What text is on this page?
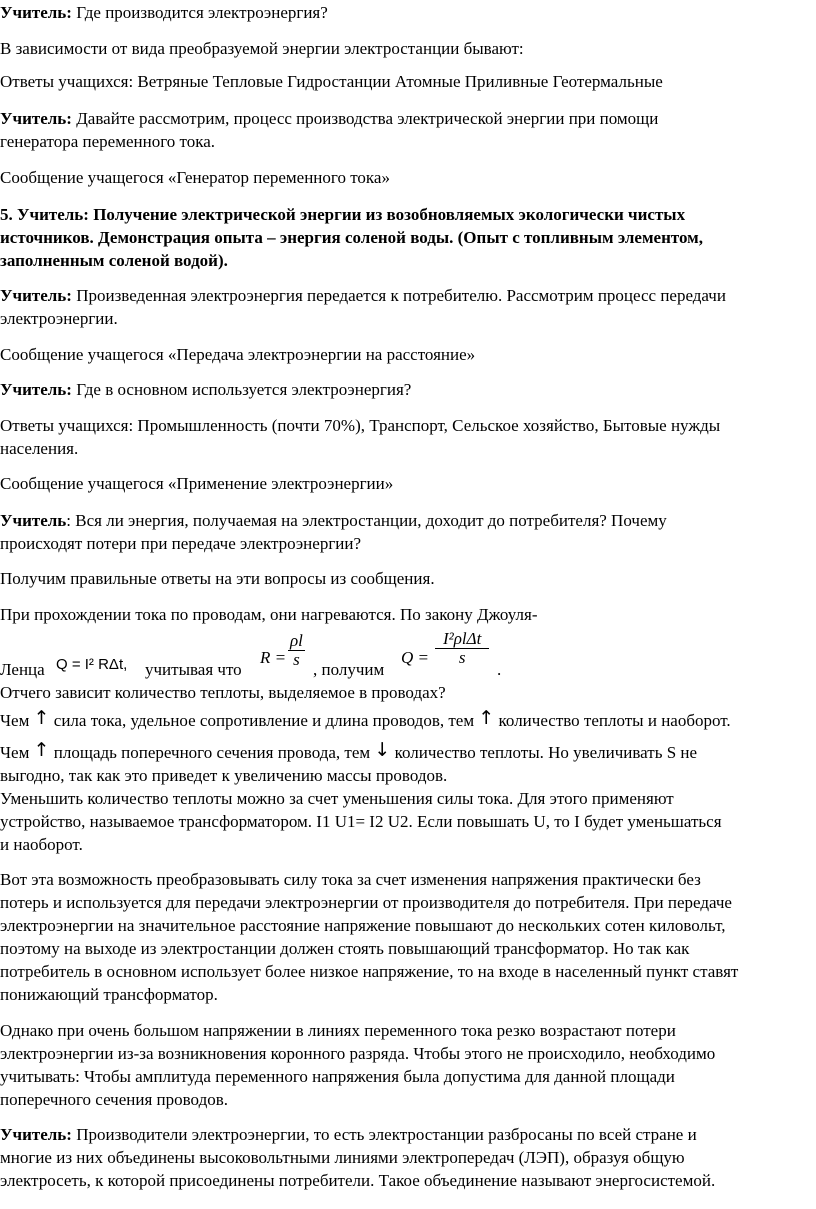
Учитель: Где производится электроэнергия?

В зависимости от вида преобразуемой энергии электростанции бывают:

Ответы учащихся: Ветряные Тепловые Гидростанции Атомные Приливные Геотермальные

Учитель: Давайте рассмотрим, процесс производства электрической энергии при помощи
генератора переменного тока.

Сообщение учащегося «Генератор переменного тока»

5. Учитель: Получение электрической энергии из возобновляемых экологически чистых
источников. Демонстрация опыта – энергия соленой воды. (Опыт с топливным элементом,
заполненным соленой водой).

Учитель: Произведенная электроэнергия передается к потребителю. Рассмотрим процесс передачи
электроэнергии.

Сообщение учащегося «Передача электроэнергии на расстояние»

Учитель: Где в основном используется электроэнергия?

Ответы учащихся: Промышленность (почти 70%), Транспорт, Сельское хозяйство, Бытовые нужды
населения.

Сообщение учащегося «Применение электроэнергии»

Учитель: Вся ли энергия, получаемая на электростанции, доходит до потребителя? Почему
происходят потери при передаче электроэнергии?

Получим правильные ответы на эти вопросы из сообщения.

При прохождении тока по проводам, они нагреваются. По закону Джоуля-

Ленца Q = I² RΔt, учитывая что
$R = \frac{\rho l}{s}$
, получим
Q =
I²ρlΔt
s
.

Отчего зависит количество теплоты, выделяемое в проводах?

Чем ↑ сила тока, удельное сопротивление и длина проводов, тем ↑ количество теплоты и наоборот.

Чем ↑ площадь поперечного сечения провода, тем ↓ количество теплоты. Но увеличивать S не
выгодно, так как это приведет к увеличению массы проводов.

Уменьшить количество теплоты можно за счет уменьшения силы тока. Для этого применяют
устройство, называемое трансформатором. I1 U1= I2 U2. Если повышать U, то I будет уменьшаться
и наоборот.

Вот эта возможность преобразовывать силу тока за счет изменения напряжения практически без
потерь и используется для передачи электроэнергии от производителя до потребителя. При передаче
электроэнергии на значительное расстояние напряжение повышают до нескольких сотен киловольт,
поэтому на выходе из электростанции должен стоять повышающий трансформатор. Но так как
потребитель в основном использует более низкое напряжение, то на входе в населенный пункт ставят
понижающий трансформатор.

Однако при очень большом напряжении в линиях переменного тока резко возрастают потери
электроэнергии из-за возникновения коронного разряда. Чтобы этого не происходило, необходимо
учитывать: Чтобы амплитуда переменного напряжения была допустима для данной площади
поперечного сечения проводов.

Учитель: Производители электроэнергии, то есть электростанции разбросаны по всей стране и
многие из них объединены высоковольтными линиями электропередач (ЛЭП), образуя общую
электросеть, к которой присоединены потребители. Такое объединение называют энергосистемой.
